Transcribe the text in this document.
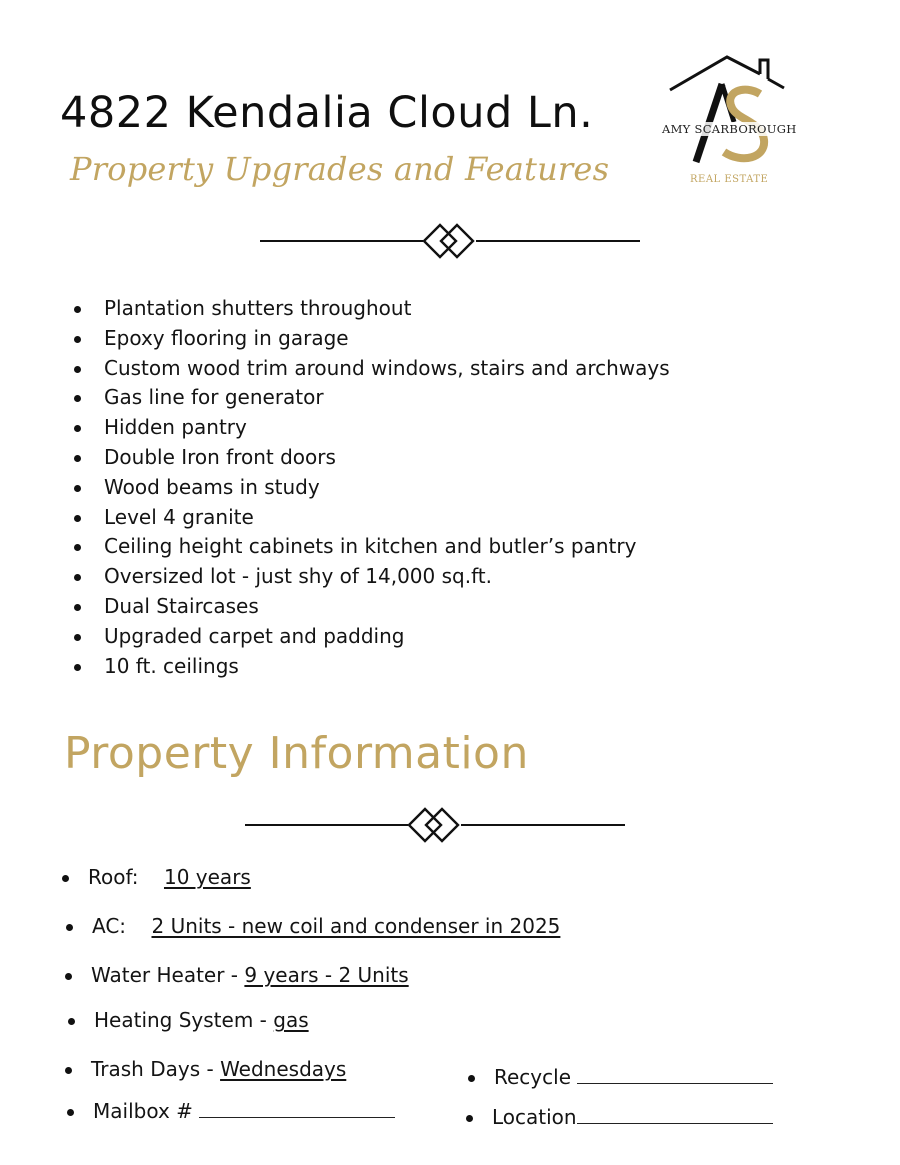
4822 Kendalia Cloud Ln.
Property Upgrades and Features
AMY SCARBOROUGH
REAL ESTATE
Plantation shutters throughout
Epoxy flooring in garage
Custom wood trim around windows, stairs and archways
Gas line for generator
Hidden pantry
Double Iron front doors
Wood beams in study
Level 4 granite
Ceiling height cabinets in kitchen and butler’s pantry
Oversized lot - just shy of 14,000 sq.ft.
Dual Staircases
Upgraded carpet and padding
10 ft. ceilings
Property Information
Roof: 10 years
AC: 2 Units - new coil and condenser in 2025
Water Heater - 9 years - 2 Units
Heating System - gas
Trash Days - Wednesdays
Mailbox #
Recycle
Location
